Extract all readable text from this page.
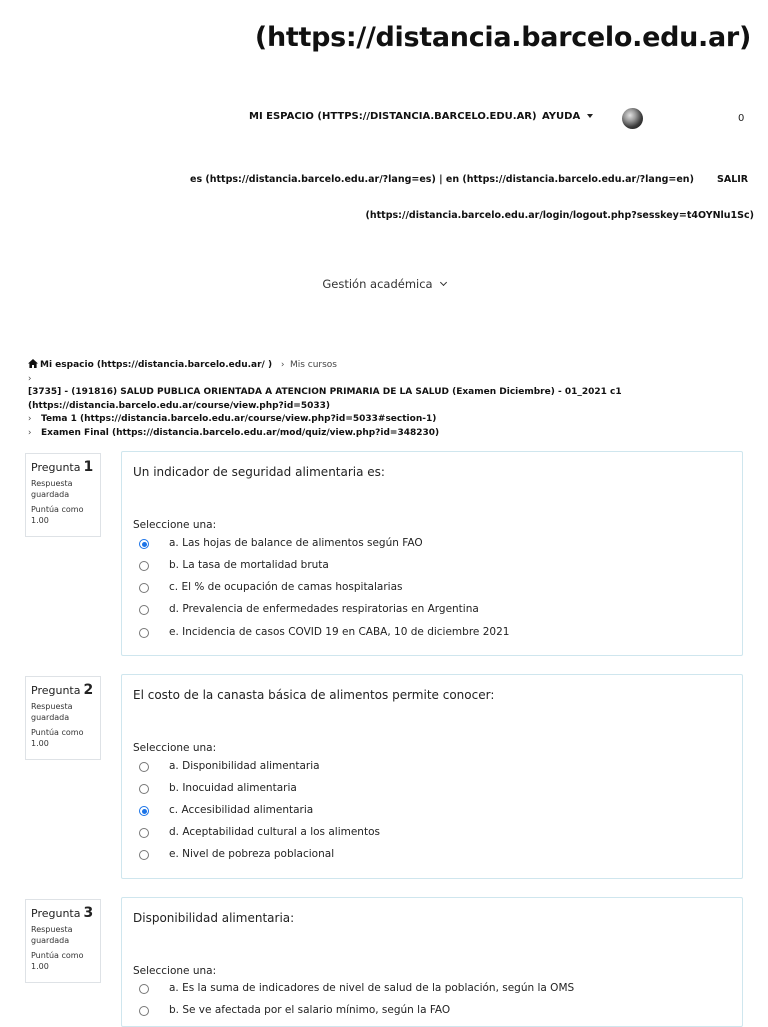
(https://distancia.barcelo.edu.ar)
MI ESPACIO (HTTPS://DISTANCIA.BARCELO.EDU.AR) AYUDA	0
es (https://distancia.barcelo.edu.ar/?lang=es) | en (https://distancia.barcelo.edu.ar/?lang=en) SALIR
(https://distancia.barcelo.edu.ar/login/logout.php?sesskey=t4OYNlu1Sc)
Gestión académica
Mi espacio (https://distancia.barcelo.edu.ar/ ) › Mis cursos
›
[3735] - (191816) SALUD PUBLICA ORIENTADA A ATENCION PRIMARIA DE LA SALUD (Examen Diciembre) - 01_2021 c1
(https://distancia.barcelo.edu.ar/course/view.php?id=5033)
› Tema 1 (https://distancia.barcelo.edu.ar/course/view.php?id=5033#section-1)
› Examen Final (https://distancia.barcelo.edu.ar/mod/quiz/view.php?id=348230)
Pregunta 1
Respuesta guardada
Puntúa como 1.00
Un indicador de seguridad alimentaria es:
Seleccione una:
a. Las hojas de balance de alimentos según FAO
b. La tasa de mortalidad bruta
c. El % de ocupación de camas hospitalarias
d. Prevalencia de enfermedades respiratorias en Argentina
e. Incidencia de casos COVID 19 en CABA, 10 de diciembre 2021
Pregunta 2
Respuesta guardada
Puntúa como 1.00
El costo de la canasta básica de alimentos permite conocer:
Seleccione una:
a. Disponibilidad alimentaria
b. Inocuidad alimentaria
c. Accesibilidad alimentaria
d. Aceptabilidad cultural a los alimentos
e. Nivel de pobreza poblacional
Pregunta 3
Respuesta guardada
Puntúa como 1.00
Disponibilidad alimentaria:
Seleccione una:
a. Es la suma de indicadores de nivel de salud de la población, según la OMS
b. Se ve afectada por el salario mínimo, según la FAO
